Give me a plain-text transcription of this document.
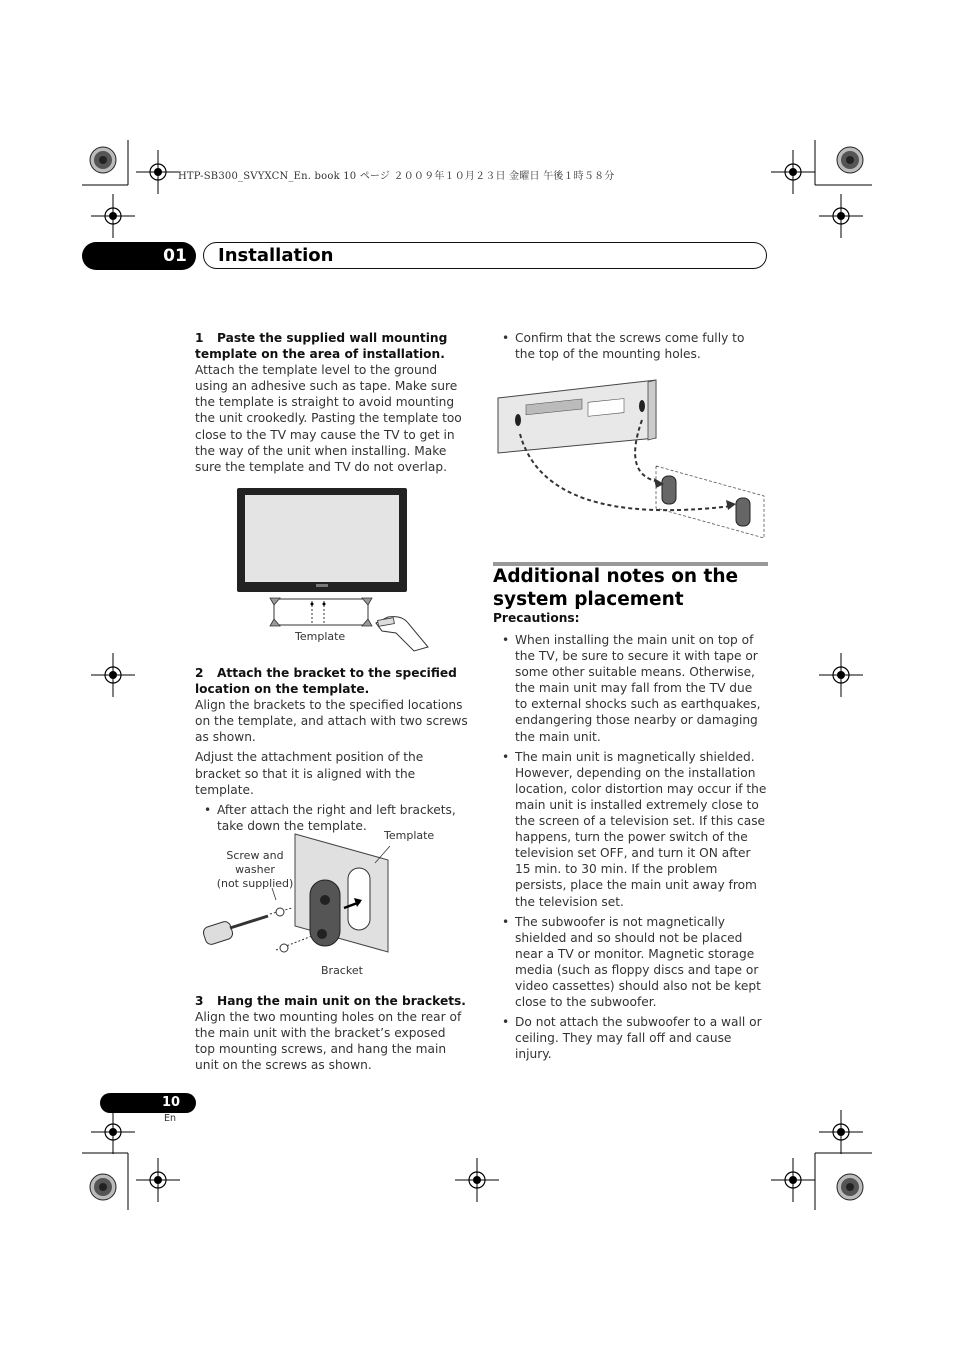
HTP-SB300_SVYXCN_En. book 10 ページ ２００９年１０月２３日 金曜日 午後１時５８分
01 Installation

1 Paste the supplied wall mounting template on the area of installation.

Attach the template level to the ground using an adhesive such as tape. Make sure the template is straight to avoid mounting the unit crookedly. Pasting the template too close to the TV may cause the TV to get in the way of the unit when installing. Make sure the template and TV do not overlap.

Template

2 Attach the bracket to the specified location on the template.

Align the brackets to the specified locations on the template, and attach with two screws as shown.

Adjust the attachment position of the bracket so that it is aligned with the template.

• After attach the right and left brackets, take down the template.

Template
Screw and washer
(not supplied)
Bracket

3 Hang the main unit on the brackets.

Align the two mounting holes on the rear of the main unit with the bracket’s exposed top mounting screws, and hang the main unit on the screws as shown.

• Confirm that the screws come fully to the top of the mounting holes.

Additional notes on the system placement
Precautions:

• When installing the main unit on top of the TV, be sure to secure it with tape or some other suitable means. Otherwise, the main unit may fall from the TV due to external shocks such as earthquakes, endangering those nearby or damaging the main unit.

• The main unit is magnetically shielded. However, depending on the installation location, color distortion may occur if the main unit is installed extremely close to the screen of a television set. If this case happens, turn the power switch of the television set OFF, and turn it ON after 15 min. to 30 min. If the problem persists, place the main unit away from the television set.

• The subwoofer is not magnetically shielded and so should not be placed near a TV or monitor. Magnetic storage media (such as floppy discs and tape or video cassettes) should also not be kept close to the subwoofer.

• Do not attach the subwoofer to a wall or ceiling. They may fall off and cause injury.

10
En
